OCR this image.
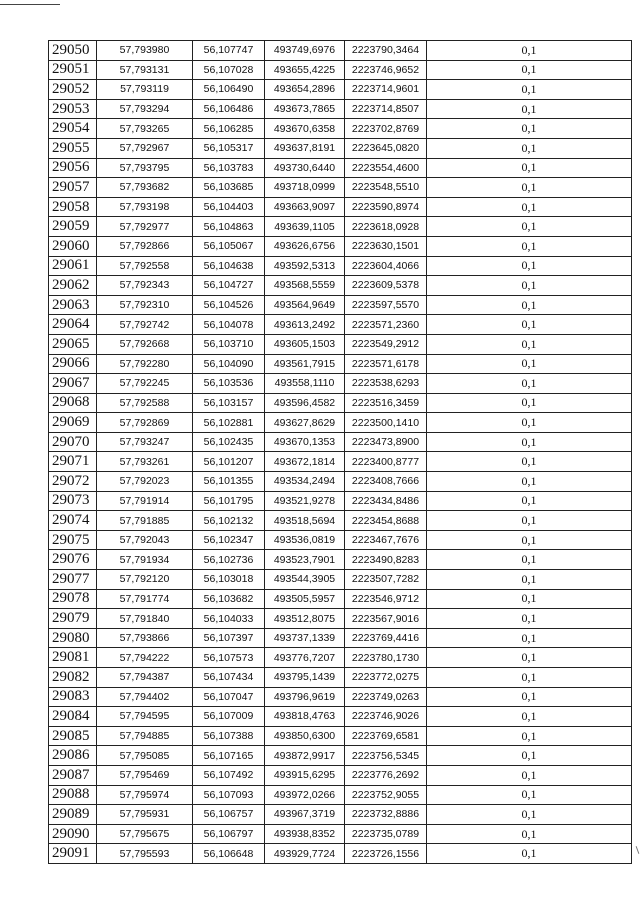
29050	57,793980	56,107747	493749,6976	2223790,3464	0,1
29051	57,793131	56,107028	493655,4225	2223746,9652	0,1
29052	57,793119	56,106490	493654,2896	2223714,9601	0,1
29053	57,793294	56,106486	493673,7865	2223714,8507	0,1
29054	57,793265	56,106285	493670,6358	2223702,8769	0,1
29055	57,792967	56,105317	493637,8191	2223645,0820	0,1
29056	57,793795	56,103783	493730,6440	2223554,4600	0,1
29057	57,793682	56,103685	493718,0999	2223548,5510	0,1
29058	57,793198	56,104403	493663,9097	2223590,8974	0,1
29059	57,792977	56,104863	493639,1105	2223618,0928	0,1
29060	57,792866	56,105067	493626,6756	2223630,1501	0,1
29061	57,792558	56,104638	493592,5313	2223604,4066	0,1
29062	57,792343	56,104727	493568,5559	2223609,5378	0,1
29063	57,792310	56,104526	493564,9649	2223597,5570	0,1
29064	57,792742	56,104078	493613,2492	2223571,2360	0,1
29065	57,792668	56,103710	493605,1503	2223549,2912	0,1
29066	57,792280	56,104090	493561,7915	2223571,6178	0,1
29067	57,792245	56,103536	493558,1110	2223538,6293	0,1
29068	57,792588	56,103157	493596,4582	2223516,3459	0,1
29069	57,792869	56,102881	493627,8629	2223500,1410	0,1
29070	57,793247	56,102435	493670,1353	2223473,8900	0,1
29071	57,793261	56,101207	493672,1814	2223400,8777	0,1
29072	57,792023	56,101355	493534,2494	2223408,7666	0,1
29073	57,791914	56,101795	493521,9278	2223434,8486	0,1
29074	57,791885	56,102132	493518,5694	2223454,8688	0,1
29075	57,792043	56,102347	493536,0819	2223467,7676	0,1
29076	57,791934	56,102736	493523,7901	2223490,8283	0,1
29077	57,792120	56,103018	493544,3905	2223507,7282	0,1
29078	57,791774	56,103682	493505,5957	2223546,9712	0,1
29079	57,791840	56,104033	493512,8075	2223567,9016	0,1
29080	57,793866	56,107397	493737,1339	2223769,4416	0,1
29081	57,794222	56,107573	493776,7207	2223780,1730	0,1
29082	57,794387	56,107434	493795,1439	2223772,0275	0,1
29083	57,794402	56,107047	493796,9619	2223749,0263	0,1
29084	57,794595	56,107009	493818,4763	2223746,9026	0,1
29085	57,794885	56,107388	493850,6300	2223769,6581	0,1
29086	57,795085	56,107165	493872,9917	2223756,5345	0,1
29087	57,795469	56,107492	493915,6295	2223776,2692	0,1
29088	57,795974	56,107093	493972,0266	2223752,9055	0,1
29089	57,795931	56,106757	493967,3719	2223732,8886	0,1
29090	57,795675	56,106797	493938,8352	2223735,0789	0,1
29091	57,795593	56,106648	493929,7724	2223726,1556	0,1
